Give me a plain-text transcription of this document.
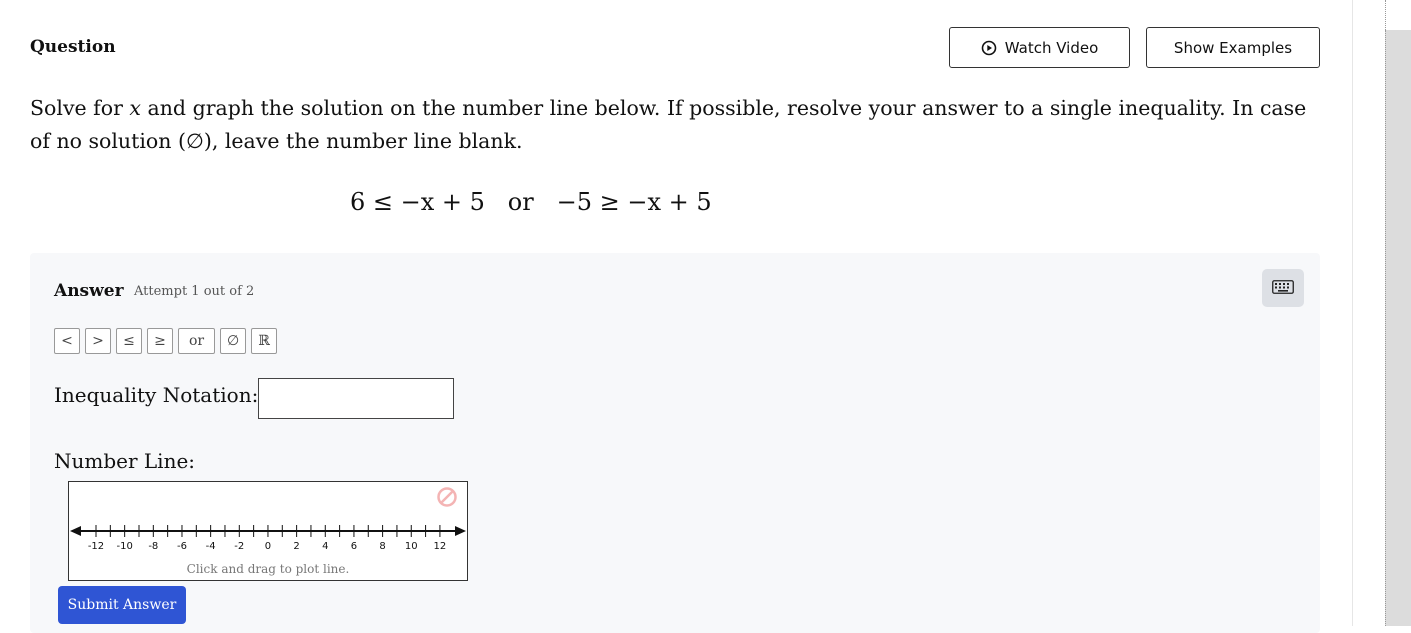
Question	Watch Video	Show Examples
Solve for x and graph the solution on the number line below. If possible, resolve your answer to a single inequality. In case of no solution (∅), leave the number line blank.
6 ≤ −x + 5   or   −5 ≥ −x + 5
Answer Attempt 1 out of 2
<	>	≤	≥	or	∅	ℝ
Inequality Notation:
Number Line:
-12 -10 -8 -6 -4 -2 0 2 4 6 8 10 12
Click and drag to plot line.
Submit Answer
